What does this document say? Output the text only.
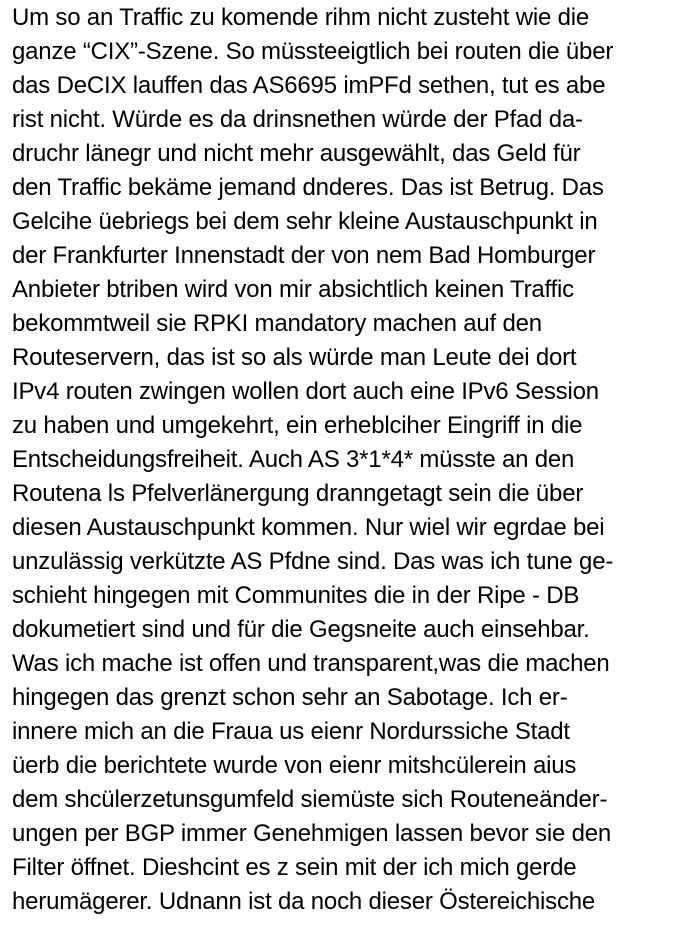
Um so an Traffic zu komende rihm nicht zusteht wie die
ganze “CIX”-Szene. So müssteeigtlich bei routen die über
das DeCIX lauffen das AS6695 imPFd sethen, tut es abe
rist nicht. Würde es da drinsnethen würde der Pfad da-
druchr länegr und nicht mehr ausgewählt, das Geld für
den Traffic bekäme jemand dnderes. Das ist Betrug. Das
Gelcihe üebriegs bei dem sehr kleine Austauschpunkt in
der Frankfurter Innenstadt der von nem Bad Homburger
Anbieter btriben wird von mir absichtlich keinen Traffic
bekommtweil sie RPKI mandatory machen auf den
Routeservern, das ist so als würde man Leute dei dort
IPv4 routen zwingen wollen dort auch eine IPv6 Session
zu haben und umgekehrt, ein erheblciher Eingriff in die
Entscheidungsfreiheit. Auch AS 3*1*4* müsste an den
Routena ls Pfelverlänergung dranngetagt sein die über
diesen Austauschpunkt kommen. Nur wiel wir egrdae bei
unzulässig verkützte AS Pfdne sind. Das was ich tune ge-
schieht hingegen mit Communites die in der Ripe - DB
dokumetiert sind und für die Gegsneite auch einsehbar.
Was ich mache ist offen und transparent,was die machen
hingegen das grenzt schon sehr an Sabotage. Ich er-
innere mich an die Fraua us eienr Nordurssiche Stadt
üerb die berichtete wurde von eienr mitshcülerein aius
dem shcülerzetunsgumfeld siemüste sich Routeneänder-
ungen per BGP immer Genehmigen lassen bevor sie den
Filter öffnet. Dieshcint es z sein mit der ich mich gerde
herumägerer. Udnann ist da noch dieser Östereichische
